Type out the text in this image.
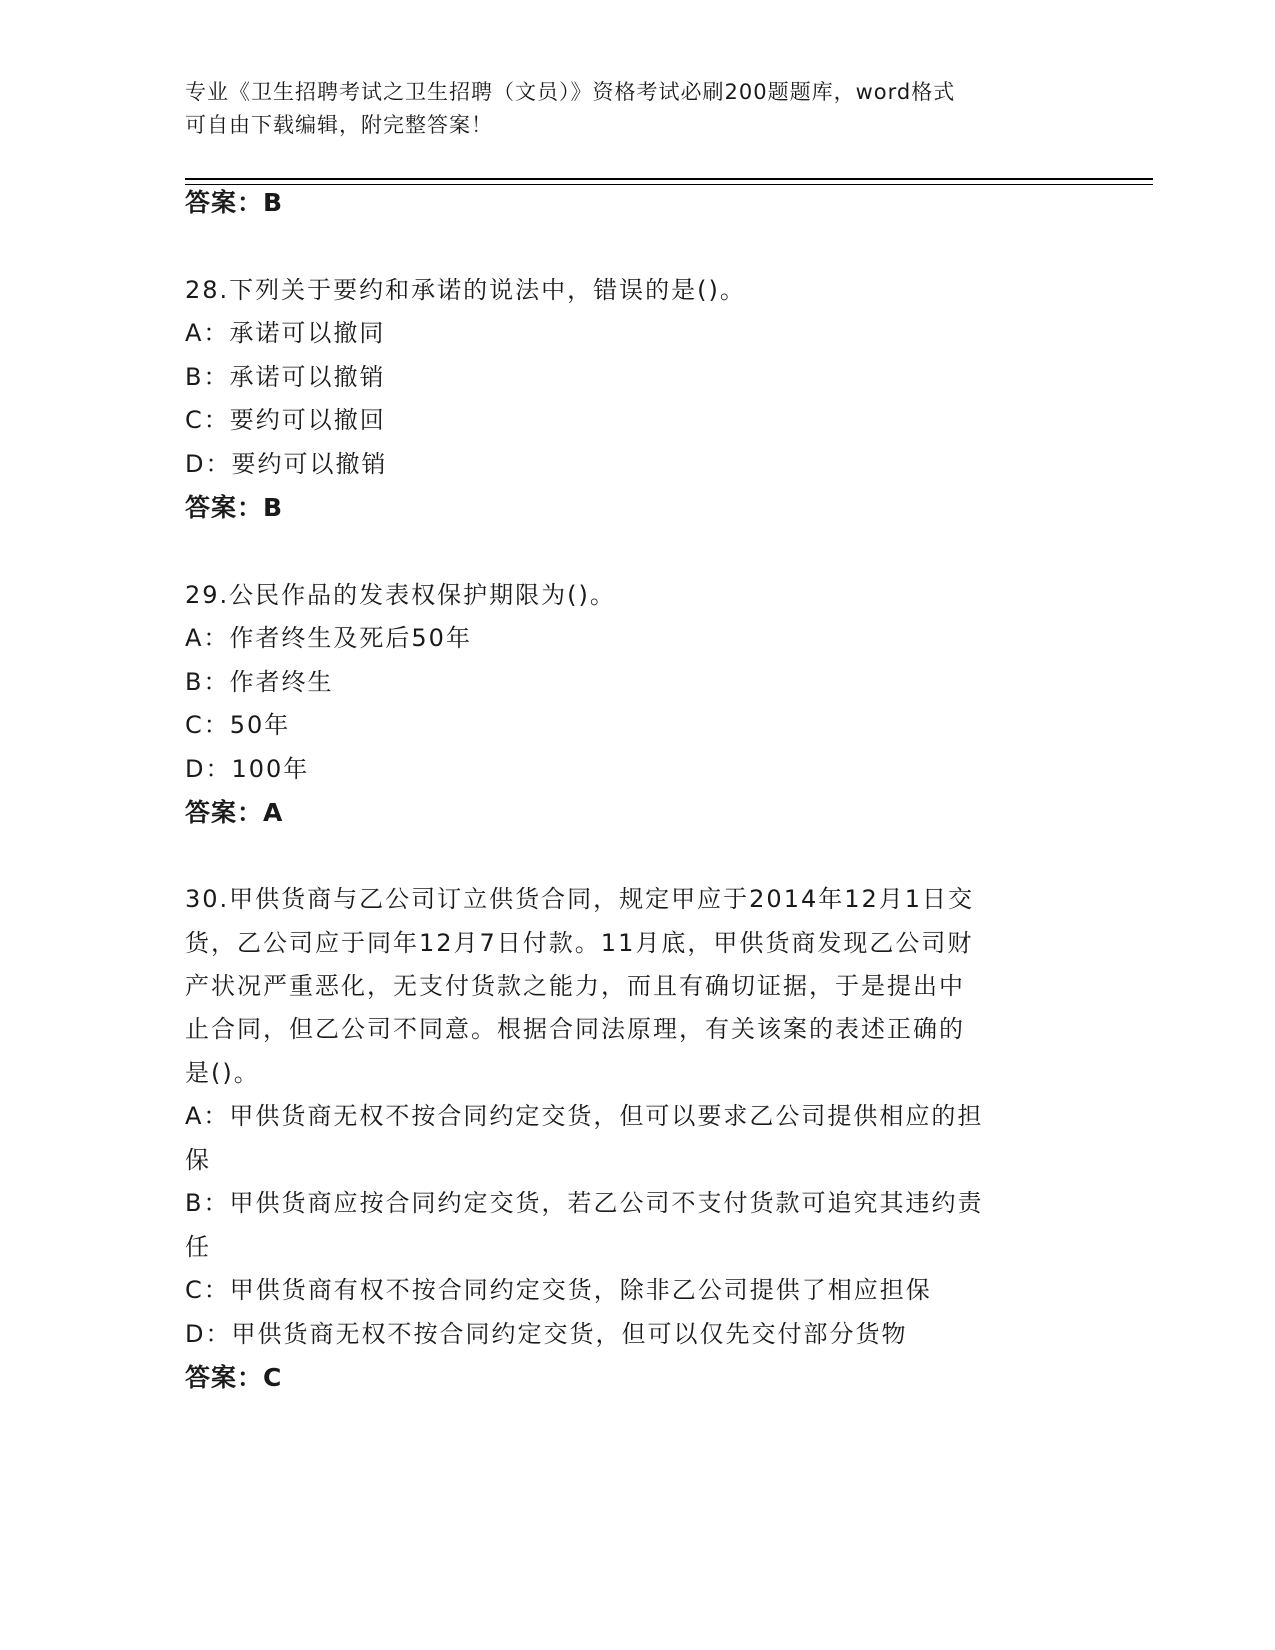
专业《卫生招聘考试之卫生招聘（文员）》资格考试必刷200题题库，word格式
可自由下载编辑，附完整答案！
答案：B
28.下列关于要约和承诺的说法中，错误的是()。
A：承诺可以撤同
B：承诺可以撤销
C：要约可以撤回
D：要约可以撤销
答案：B
29.公民作品的发表权保护期限为()。
A：作者终生及死后50年
B：作者终生
C：50年
D：100年
答案：A
30.甲供货商与乙公司订立供货合同，规定甲应于2014年12月1日交
货，乙公司应于同年12月7日付款。11月底，甲供货商发现乙公司财
产状况严重恶化，无支付货款之能力，而且有确切证据，于是提出中
止合同，但乙公司不同意。根据合同法原理，有关该案的表述正确的
是()。
A：甲供货商无权不按合同约定交货，但可以要求乙公司提供相应的担
保
B：甲供货商应按合同约定交货，若乙公司不支付货款可追究其违约责
任
C：甲供货商有权不按合同约定交货，除非乙公司提供了相应担保
D：甲供货商无权不按合同约定交货，但可以仅先交付部分货物
答案：C
